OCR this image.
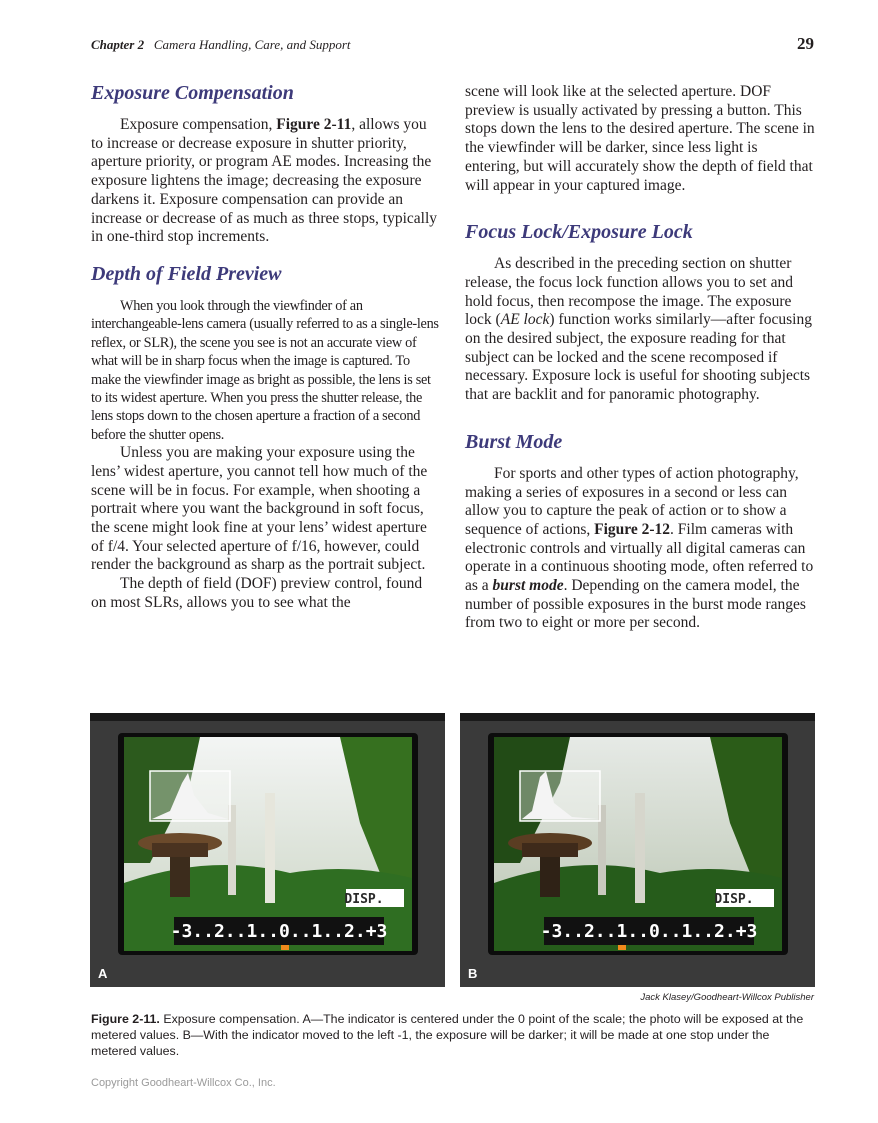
Chapter 2 Camera Handling, Care, and Support	29
Exposure Compensation

Exposure compensation, Figure 2-11, allows you to increase or decrease exposure in shutter priority, aperture priority, or program AE modes. Increasing the exposure lightens the image; decreasing the exposure darkens it. Exposure compensation can provide an increase or decrease of as much as three stops, typically in one-third stop increments.

Depth of Field Preview

When you look through the viewfinder of an interchangeable-lens camera (usually referred to as a single-lens reflex, or SLR), the scene you see is not an accurate view of what will be in sharp focus when the image is captured. To make the viewfinder image as bright as possible, the lens is set to its widest aperture. When you press the shutter release, the lens stops down to the chosen aperture a fraction of a second before the shutter opens.

Unless you are making your exposure using the lens’ widest aperture, you cannot tell how much of the scene will be in focus. For example, when shooting a portrait where you want the background in soft focus, the scene might look fine at your lens’ widest aperture of f/4. Your selected aperture of f/16, however, could render the background as sharp as the portrait subject.

The depth of field (DOF) preview control, found on most SLRs, allows you to see what the

scene will look like at the selected aperture. DOF preview is usually activated by pressing a button. This stops down the lens to the desired aperture. The scene in the viewfinder will be darker, since less light is entering, but will accurately show the depth of field that will appear in your captured image.

Focus Lock/Exposure Lock

As described in the preceding section on shutter release, the focus lock function allows you to set and hold focus, then recompose the image. The exposure lock (AE lock) function works similarly—after focusing on the desired subject, the exposure reading for that subject can be locked and the scene recomposed if necessary. Exposure lock is useful for shooting subjects that are backlit and for panoramic photography.

Burst Mode

For sports and other types of action photography, making a series of exposures in a second or less can allow you to capture the peak of action or to show a sequence of actions, Figure 2-12. Film cameras with electronic controls and virtually all digital cameras can operate in a continuous shooting mode, often referred to as a burst mode. Depending on the camera model, the number of possible exposures in the burst mode ranges from two to eight or more per second.

DISP.
-3..2..1..0..1..2.+3
A
DISP.
-3..2..1..0..1..2.+3
B
Jack Klasey/Goodheart-Willcox Publisher
Figure 2-11. Exposure compensation. A—The indicator is centered under the 0 point of the scale; the photo will be exposed at the metered values. B—With the indicator moved to the left -1, the exposure will be darker; it will be made at one stop under the metered values.
Copyright Goodheart-Willcox Co., Inc.
